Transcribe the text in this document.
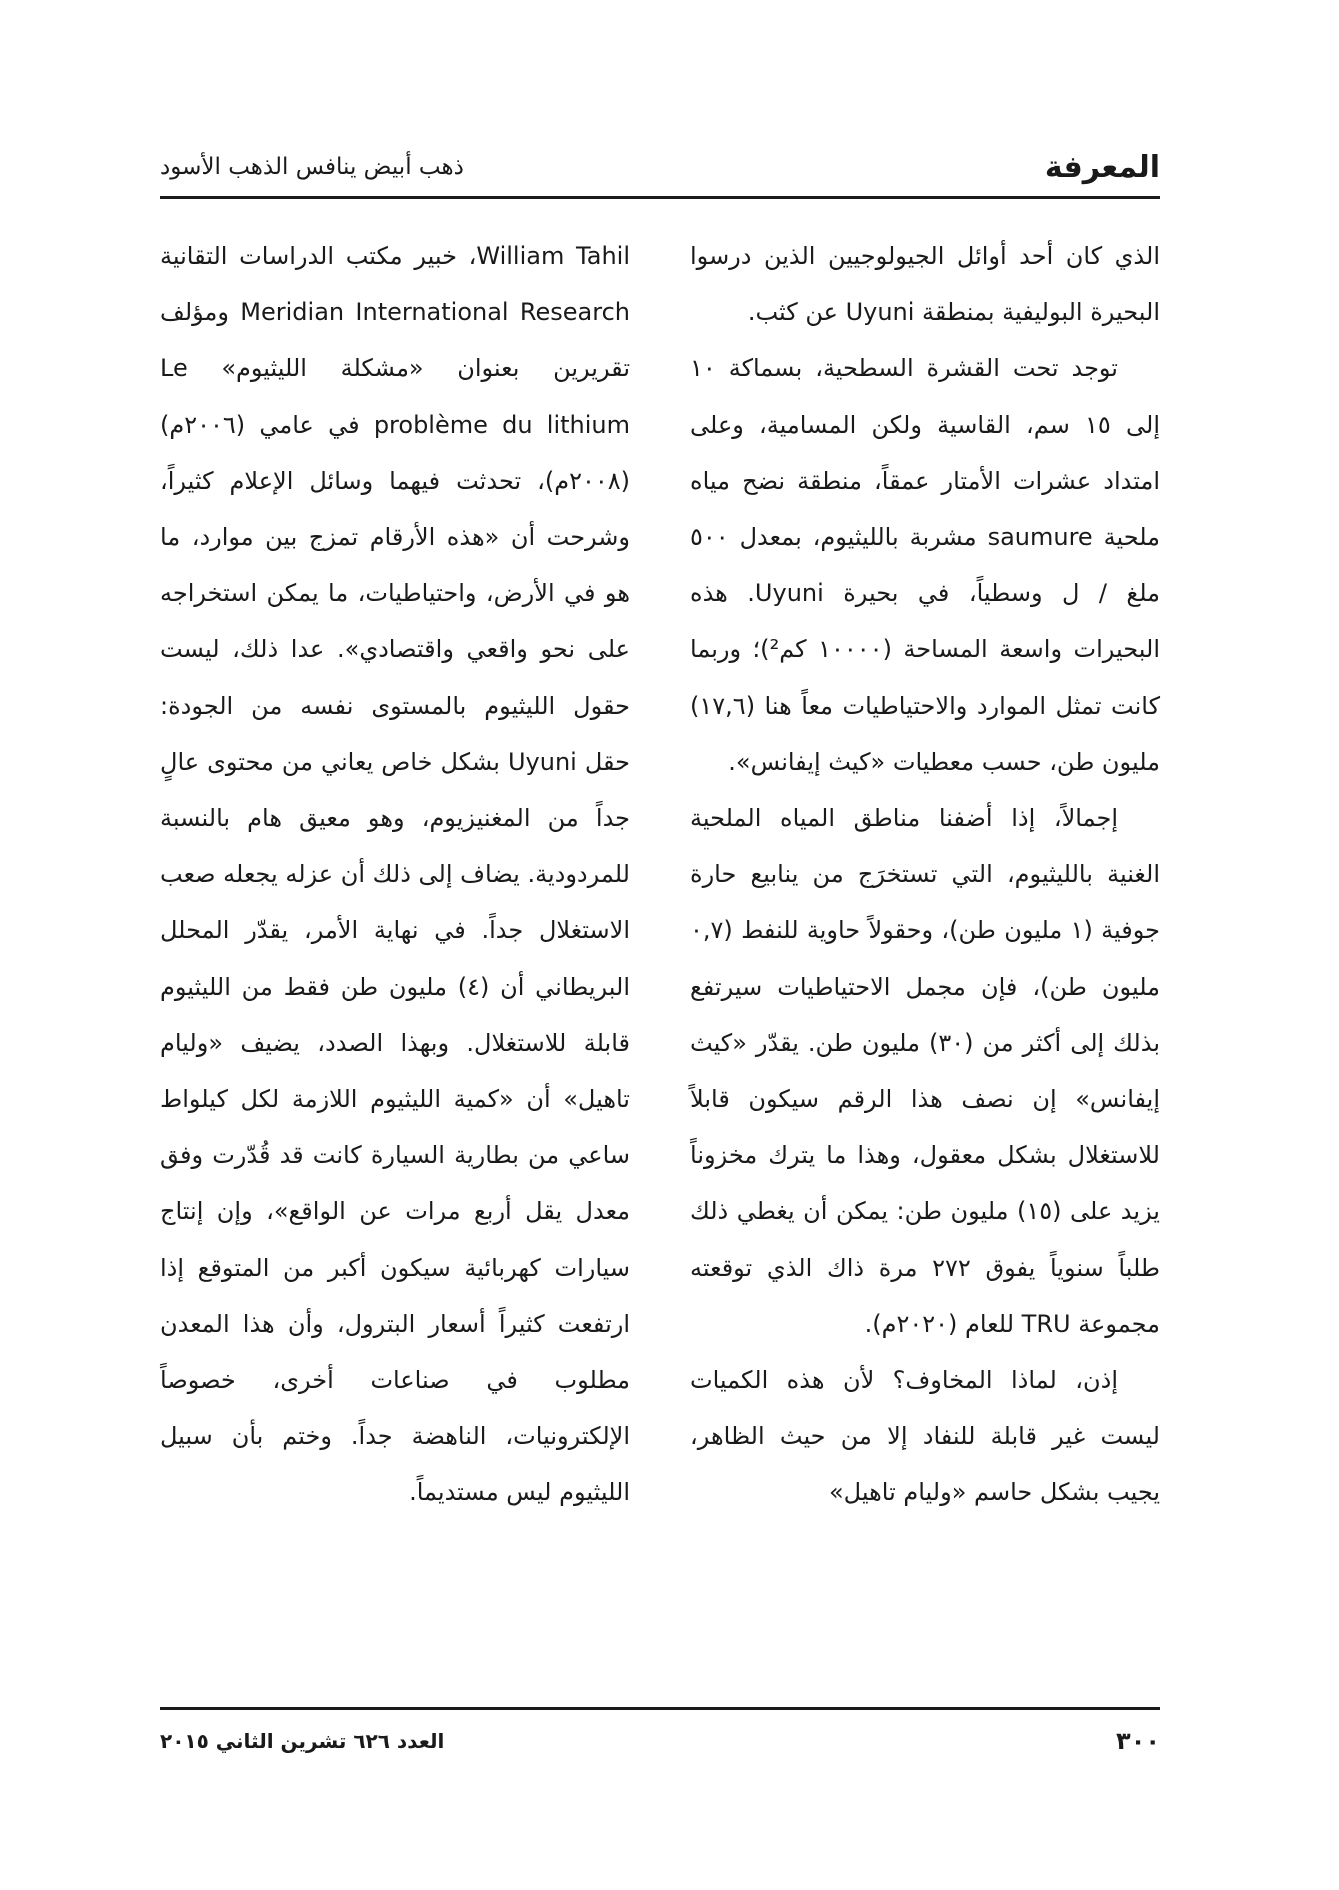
المعرفة
ذهب أبيض ينافس الذهب الأسود

الذي كان أحد أوائل الجيولوجيين الذين درسوا البحيرة البوليفية بمنطقة Uyuni عن كثب.

توجد تحت القشرة السطحية، بسماكة ١٠ إلى ١٥ سم، القاسية ولكن المسامية، وعلى امتداد عشرات الأمتار عمقاً، منطقة نضح مياه ملحية saumure مشربة بالليثيوم، بمعدل ٥٠٠ ملغ / ل وسطياً، في بحيرة Uyuni. هذه البحيرات واسعة المساحة (١٠٠٠٠ كم²)؛ وربما كانت تمثل الموارد والاحتياطيات معاً هنا (١٧,٦) مليون طن، حسب معطيات «كيث إيفانس».

إجمالاً، إذا أضفنا مناطق المياه الملحية الغنية بالليثيوم، التي تستخرَج من ينابيع حارة جوفية (١ مليون طن)، وحقولاً حاوية للنفط (٠,٧ مليون طن)، فإن مجمل الاحتياطيات سيرتفع بذلك إلى أكثر من (٣٠) مليون طن. يقدّر «كيث إيفانس» إن نصف هذا الرقم سيكون قابلاً للاستغلال بشكل معقول، وهذا ما يترك مخزوناً يزيد على (١٥) مليون طن: يمكن أن يغطي ذلك طلباً سنوياً يفوق ٢٧٢ مرة ذاك الذي توقعته مجموعة TRU للعام (٢٠٢٠م).

إذن، لماذا المخاوف؟ لأن هذه الكميات ليست غير قابلة للنفاد إلا من حيث الظاهر، يجيب بشكل حاسم «وليام تاهيل»

William Tahil، خبير مكتب الدراسات التقانية Meridian International Research ومؤلف تقريرين بعنوان «مشكلة الليثيوم» Le problème du lithium في عامي (٢٠٠٦م) (٢٠٠٨م)، تحدثت فيهما وسائل الإعلام كثيراً، وشرحت أن «هذه الأرقام تمزج بين موارد، ما هو في الأرض، واحتياطيات، ما يمكن استخراجه على نحو واقعي واقتصادي». عدا ذلك، ليست حقول الليثيوم بالمستوى نفسه من الجودة: حقل Uyuni بشكل خاص يعاني من محتوى عالٍ جداً من المغنيزيوم، وهو معيق هام بالنسبة للمردودية. يضاف إلى ذلك أن عزله يجعله صعب الاستغلال جداً. في نهاية الأمر، يقدّر المحلل البريطاني أن (٤) مليون طن فقط من الليثيوم قابلة للاستغلال. وبهذا الصدد، يضيف «وليام تاهيل» أن «كمية الليثيوم اللازمة لكل كيلواط ساعي من بطارية السيارة كانت قد قُدّرت وفق معدل يقل أربع مرات عن الواقع»، وإن إنتاج سيارات كهربائية سيكون أكبر من المتوقع إذا ارتفعت كثيراً أسعار البترول، وأن هذا المعدن مطلوب في صناعات أخرى، خصوصاً الإلكترونيات، الناهضة جداً. وختم بأن سبيل الليثيوم ليس مستديماً.

٣٠٠
العدد ٦٢٦ تشرين الثاني ٢٠١٥
